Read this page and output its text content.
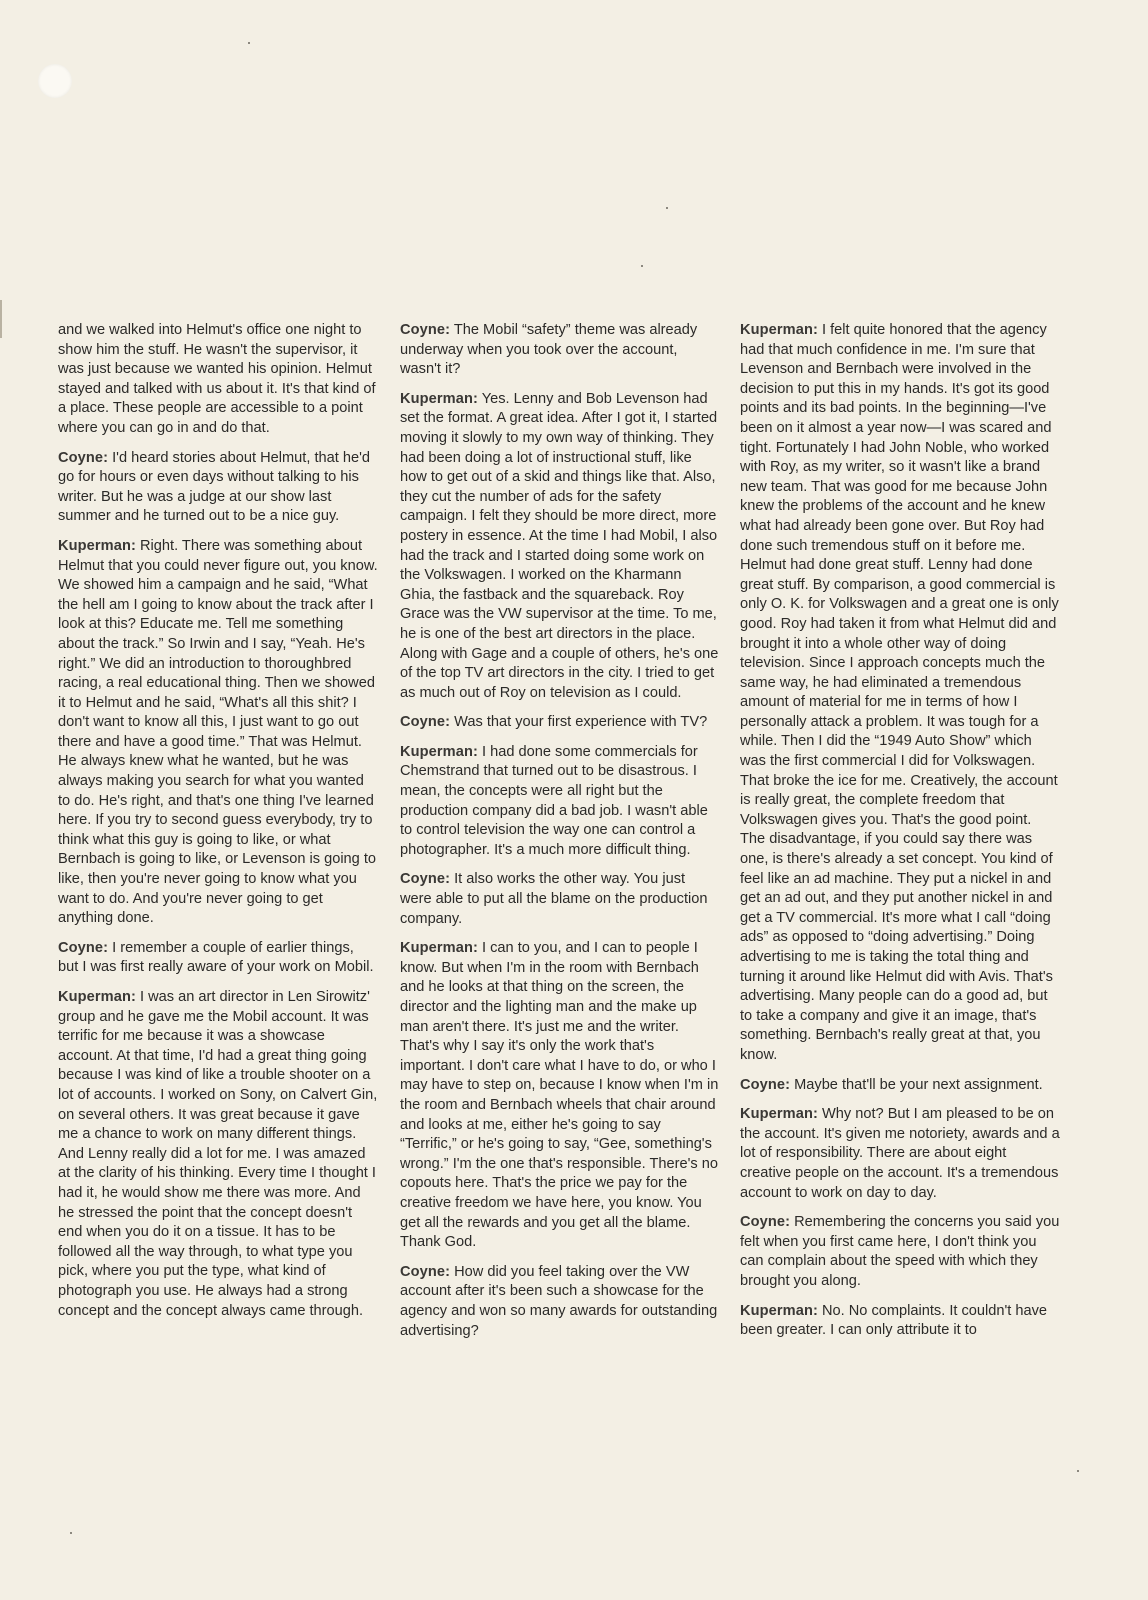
and we walked into Helmut's office one night to show him the stuff. He wasn't the supervisor, it was just because we wanted his opinion. Helmut stayed and talked with us about it. It's that kind of a place. These people are accessible to a point where you can go in and do that.

Coyne: I'd heard stories about Helmut, that he'd go for hours or even days without talking to his writer. But he was a judge at our show last summer and he turned out to be a nice guy.

Kuperman: Right. There was something about Helmut that you could never figure out, you know. We showed him a campaign and he said, “What the hell am I going to know about the track after I look at this? Educate me. Tell me something about the track.” So Irwin and I say, “Yeah. He's right.” We did an introduction to thoroughbred racing, a real educational thing. Then we showed it to Helmut and he said, “What's all this shit? I don't want to know all this, I just want to go out there and have a good time.” That was Helmut. He always knew what he wanted, but he was always making you search for what you wanted to do. He's right, and that's one thing I've learned here. If you try to second guess everybody, try to think what this guy is going to like, or what Bernbach is going to like, or Levenson is going to like, then you're never going to know what you want to do. And you're never going to get anything done.

Coyne: I remember a couple of earlier things, but I was first really aware of your work on Mobil.

Kuperman: I was an art director in Len Sirowitz' group and he gave me the Mobil account. It was terrific for me because it was a showcase account. At that time, I'd had a great thing going because I was kind of like a trouble shooter on a lot of accounts. I worked on Sony, on Calvert Gin, on several others. It was great because it gave me a chance to work on many different things. And Lenny really did a lot for me. I was amazed at the clarity of his thinking. Every time I thought I had it, he would show me there was more. And he stressed the point that the concept doesn't end when you do it on a tissue. It has to be followed all the way through, to what type you pick, where you put the type, what kind of photograph you use. He always had a strong concept and the concept always came through.

Coyne: The Mobil “safety” theme was already underway when you took over the account, wasn't it?

Kuperman: Yes. Lenny and Bob Levenson had set the format. A great idea. After I got it, I started moving it slowly to my own way of thinking. They had been doing a lot of instructional stuff, like how to get out of a skid and things like that. Also, they cut the number of ads for the safety campaign. I felt they should be more direct, more postery in essence. At the time I had Mobil, I also had the track and I started doing some work on the Volkswagen. I worked on the Kharmann Ghia, the fastback and the squareback. Roy Grace was the VW supervisor at the time. To me, he is one of the best art directors in the place. Along with Gage and a couple of others, he's one of the top TV art directors in the city. I tried to get as much out of Roy on television as I could.

Coyne: Was that your first experience with TV?

Kuperman: I had done some commercials for Chemstrand that turned out to be disastrous. I mean, the concepts were all right but the production company did a bad job. I wasn't able to control television the way one can control a photographer. It's a much more difficult thing.

Coyne: It also works the other way. You just were able to put all the blame on the production company.

Kuperman: I can to you, and I can to people I know. But when I'm in the room with Bernbach and he looks at that thing on the screen, the director and the lighting man and the make up man aren't there. It's just me and the writer. That's why I say it's only the work that's important. I don't care what I have to do, or who I may have to step on, because I know when I'm in the room and Bernbach wheels that chair around and looks at me, either he's going to say “Terrific,” or he's going to say, “Gee, something's wrong.” I'm the one that's responsible. There's no copouts here. That's the price we pay for the creative freedom we have here, you know. You get all the rewards and you get all the blame. Thank God.

Coyne: How did you feel taking over the VW account after it's been such a showcase for the agency and won so many awards for outstanding advertising?

Kuperman: I felt quite honored that the agency had that much confidence in me. I'm sure that Levenson and Bernbach were involved in the decision to put this in my hands. It's got its good points and its bad points. In the beginning—I've been on it almost a year now—I was scared and tight. Fortunately I had John Noble, who worked with Roy, as my writer, so it wasn't like a brand new team. That was good for me because John knew the problems of the account and he knew what had already been gone over. But Roy had done such tremendous stuff on it before me. Helmut had done great stuff. Lenny had done great stuff. By comparison, a good commercial is only O. K. for Volkswagen and a great one is only good. Roy had taken it from what Helmut did and brought it into a whole other way of doing television. Since I approach concepts much the same way, he had eliminated a tremendous amount of material for me in terms of how I personally attack a problem. It was tough for a while. Then I did the “1949 Auto Show” which was the first commercial I did for Volkswagen. That broke the ice for me. Creatively, the account is really great, the complete freedom that Volkswagen gives you. That's the good point. The disadvantage, if you could say there was one, is there's already a set concept. You kind of feel like an ad machine. They put a nickel in and get an ad out, and they put another nickel in and get a TV commercial. It's more what I call “doing ads” as opposed to “doing advertising.” Doing advertising to me is taking the total thing and turning it around like Helmut did with Avis. That's advertising. Many people can do a good ad, but to take a company and give it an image, that's something. Bernbach's really great at that, you know.

Coyne: Maybe that'll be your next assignment.

Kuperman: Why not? But I am pleased to be on the account. It's given me notoriety, awards and a lot of responsibility. There are about eight creative people on the account. It's a tremendous account to work on day to day.

Coyne: Remembering the concerns you said you felt when you first came here, I don't think you can complain about the speed with which they brought you along.

Kuperman: No. No complaints. It couldn't have been greater. I can only attribute it to
